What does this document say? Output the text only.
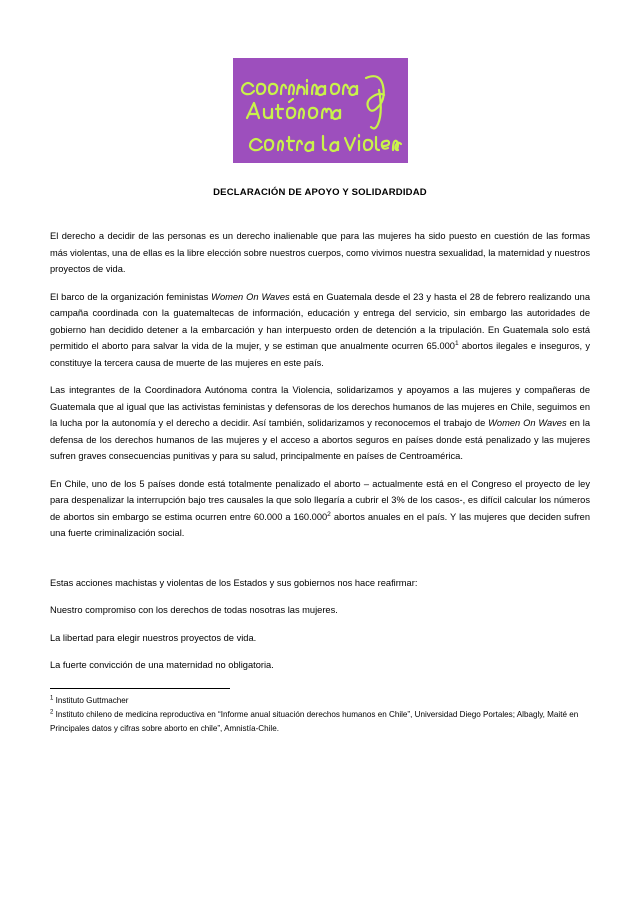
DECLARACIÓN DE APOYO Y SOLIDARDIDAD

El derecho a decidir de las personas es un derecho inalienable que para las mujeres ha sido puesto en cuestión de las formas más violentas, una de ellas es la libre elección sobre nuestros cuerpos, como vivimos nuestra sexualidad, la maternidad y nuestros proyectos de vida.

El barco de la organización feministas Women On Waves está en Guatemala desde el 23 y hasta el 28 de febrero realizando una campaña coordinada con la guatemaltecas de información, educación y entrega del servicio, sin embargo las autoridades de gobierno han decidido detener a la embarcación y han interpuesto orden de detención a la tripulación. En Guatemala solo está permitido el aborto para salvar la vida de la mujer, y se estiman que anualmente ocurren 65.000$^1$ abortos ilegales e inseguros, y constituye la tercera causa de muerte de las mujeres en este país.

Las integrantes de la Coordinadora Autónoma contra la Violencia, solidarizamos y apoyamos a las mujeres y compañeras de Guatemala que al igual que las activistas feministas y defensoras de los derechos humanos de las mujeres en Chile, seguimos en la lucha por la autonomía y el derecho a decidir. Así también, solidarizamos y reconocemos el trabajo de Women On Waves en la defensa de los derechos humanos de las mujeres y el acceso a abortos seguros en países donde está penalizado y las mujeres sufren graves consecuencias punitivas y para su salud, principalmente en países de Centroamérica.

En Chile, uno de los 5 países donde está totalmente penalizado el aborto – actualmente está en el Congreso el proyecto de ley para despenalizar la interrupción bajo tres causales la que solo llegaría a cubrir el 3% de los casos-, es difícil calcular los números de abortos sin embargo se estima ocurren entre 60.000 a 160.000$^2$ abortos anuales en el país. Y las mujeres que deciden sufren una fuerte criminalización social.

Estas acciones machistas y violentas de los Estados y sus gobiernos nos hace reafirmar:

Nuestro compromiso con los derechos de todas nosotras las mujeres.

La libertad para elegir nuestros proyectos de vida.

La fuerte convicción de una maternidad no obligatoria.

$^1$ Instituto Guttmacher

$^2$ Instituto chileno de medicina reproductiva en “Informe anual situación derechos humanos en Chile”, Universidad Diego Portales; Albagly, Maité en Principales datos y cifras sobre aborto en chile”, Amnistía-Chile.
